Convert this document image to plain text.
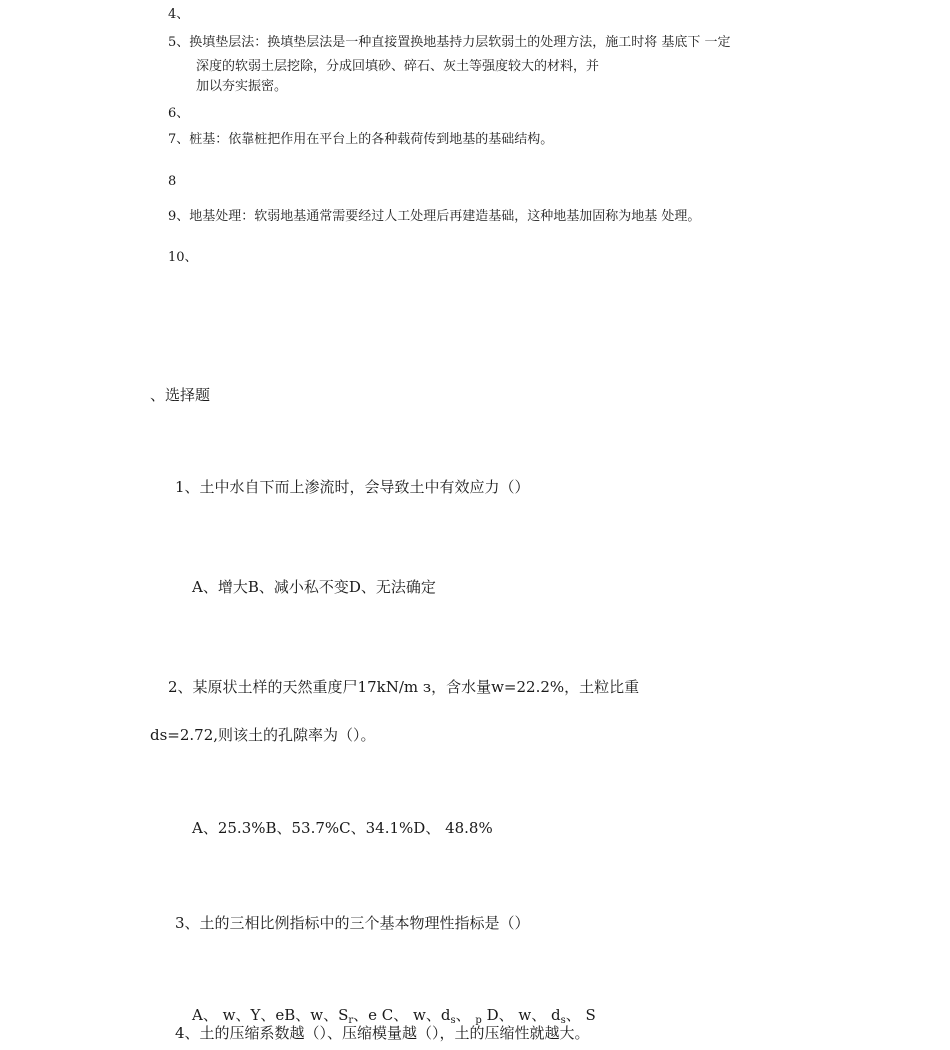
4、
5、换填垫层法：换填垫层法是一种直接置换地基持力层软弱土的处理方法，施工时将 基底下 一定
深度的软弱土层挖除，分成回填砂、碎石、灰土等强度较大的材料，并
加以夯实振密。
6、
7、桩基：依靠桩把作用在平台上的各种载荷传到地基的基础结构。
8
9、地基处理：软弱地基通常需要经过人工处理后再建造基础，这种地基加固称为地基 处理。
10、
、选择题
1、土中水自下而上渗流时，会导致土中有效应力（）
A、增大B、减小私不变D、无法确定
2、某原状土样的天然重度尸17kN/m з，含水量w=22.2%，土粒比重
ds=2.72,则该土的孔隙率为（）。
A、25.3%B、53.7%C、34.1%D、 48.8%
3、土的三相比例指标中的三个基本物理性指标是（）
A、 w、Y、eB、w、$S_r$、e C、 w、$d_s$、 $_p$ D、 w、 $d_s$、 S
4、土的压缩系数越（）、压缩模量越（），土的压缩性就越大。
